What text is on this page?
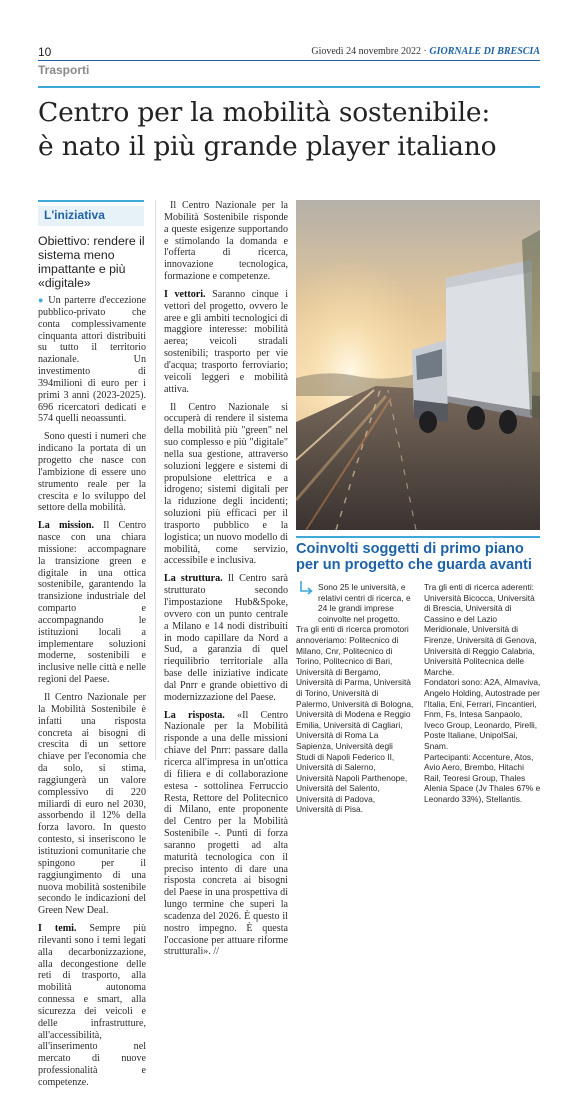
10	Giovedì 24 novembre 2022 · GIORNALE DI BRESCIA
Trasporti
Centro per la mobilità sostenibile:
è nato il più grande player italiano
L'iniziativa
Obiettivo: rendere il sistema meno impattante e più «digitale»

● Un parterre d'eccezione pubblico-privato che conta complessivamente cinquanta attori distribuiti su tutto il territorio nazionale. Un investimento di 394milioni di euro per i primi 3 anni (2023-2025). 696 ricercatori dedicati e 574 quelli neoassunti.

Sono questi i numeri che indicano la portata di un progetto che nasce con l'ambizione di essere uno strumento reale per la crescita e lo sviluppo del settore della mobilità.

La mission. Il Centro nasce con una chiara missione: accompagnare la transizione green e digitale in una ottica sostenibile, garantendo la transizione industriale del comparto e accompagnando le istituzioni locali a implementare soluzioni moderne, sostenibili e inclusive nelle città e nelle regioni del Paese.

Il Centro Nazionale per la Mobilità Sostenibile è infatti una risposta concreta ai bisogni di crescita di un settore chiave per l'economia che da solo, si stima, raggiungerà un valore complessivo di 220 miliardi di euro nel 2030, assorbendo il 12% della forza lavoro. In questo contesto, si inseriscono le istituzioni comunitarie che spingono per il raggiungimento di una nuova mobilità sostenibile secondo le indicazioni del Green New Deal.

I temi. Sempre più rilevanti sono i temi legati alla decarbonizzazione, alla decongestione delle reti di trasporto, alla mobilità autonoma connessa e smart, alla sicurezza dei veicoli e delle infrastrutture, all'accessibilità, all'inserimento nel mercato di nuove professionalità e competenze.

Il Centro Nazionale per la Mobilità Sostenibile risponde a queste esigenze supportando e stimolando la domanda e l'offerta di ricerca, innovazione tecnologica, formazione e competenze.

I vettori. Saranno cinque i vettori del progetto, ovvero le aree e gli ambiti tecnologici di maggiore interesse: mobilità aerea; veicoli stradali sostenibili; trasporto per vie d'acqua; trasporto ferroviario; veicoli leggeri e mobilità attiva.

Il Centro Nazionale si occuperà di rendere il sistema della mobilità più "green" nel suo complesso e più "digitale" nella sua gestione, attraverso soluzioni leggere e sistemi di propulsione elettrica e a idrogeno; sistemi digitali per la riduzione degli incidenti; soluzioni più efficaci per il trasporto pubblico e la logistica; un nuovo modello di mobilità, come servizio, accessibile e inclusiva.

La struttura. Il Centro sarà strutturato secondo l'impostazione Hub&Spoke, ovvero con un punto centrale a Milano e 14 nodi distribuiti in modo capillare da Nord a Sud, a garanzia di quel riequilibrio territoriale alla base delle iniziative indicate dal Pnrr e grande obiettivo di modernizzazione del Paese.

La risposta. «Il Centro Nazionale per la Mobilità risponde a una delle missioni chiave del Pnrr: passare dalla ricerca all'impresa in un'ottica di filiera e di collaborazione estesa - sottolinea Ferruccio Resta, Rettore del Politecnico di Milano, ente proponente del Centro per la Mobilità Sostenibile -. Punti di forza saranno progetti ad alta maturità tecnologica con il preciso intento di dare una risposta concreta ai bisogni del Paese in una prospettiva di lungo termine che superi la scadenza del 2026. È questo il nostro impegno. È questa l'occasione per attuare riforme strutturali». //

Coinvolti soggetti di primo piano
per un progetto che guarda avanti

Sono 25 le università, e relativi centri di ricerca, e 24 le grandi imprese coinvolte nel progetto.

Tra gli enti di ricerca promotori annoveriamo: Politecnico di Milano, Cnr, Politecnico di Torino, Politecnico di Bari, Università di Bergamo, Università di Parma, Università di Torino, Università di Palermo, Università di Bologna, Università di Modena e Reggio Emilia, Università di Cagliari, Università di Roma La Sapienza, Università degli Studi di Napoli Federico II, Università di Salerno, Università Napoli Parthenope, Università del Salento, Università di Padova, Università di Pisa.

Tra gli enti di ricerca aderenti: Università Bicocca, Università di Brescia, Università di Cassino e del Lazio Meridionale, Università di Firenze, Università di Genova, Università di Reggio Calabria, Università Politecnica delle Marche.

Fondatori sono: A2A, Almaviva, Angelo Holding, Autostrade per l'Italia, Eni, Ferrari, Fincantieri, Fnm, Fs, Intesa Sanpaolo, Iveco Group, Leonardo, Pirelli, Poste Italiane, UnipolSai, Snam.

Partecipanti: Accenture, Atos, Avio Aero, Brembo, Hitachi Rail, Teoresi Group, Thales Alenia Space (Jv Thales 67% e Leonardo 33%), Stellantis.
